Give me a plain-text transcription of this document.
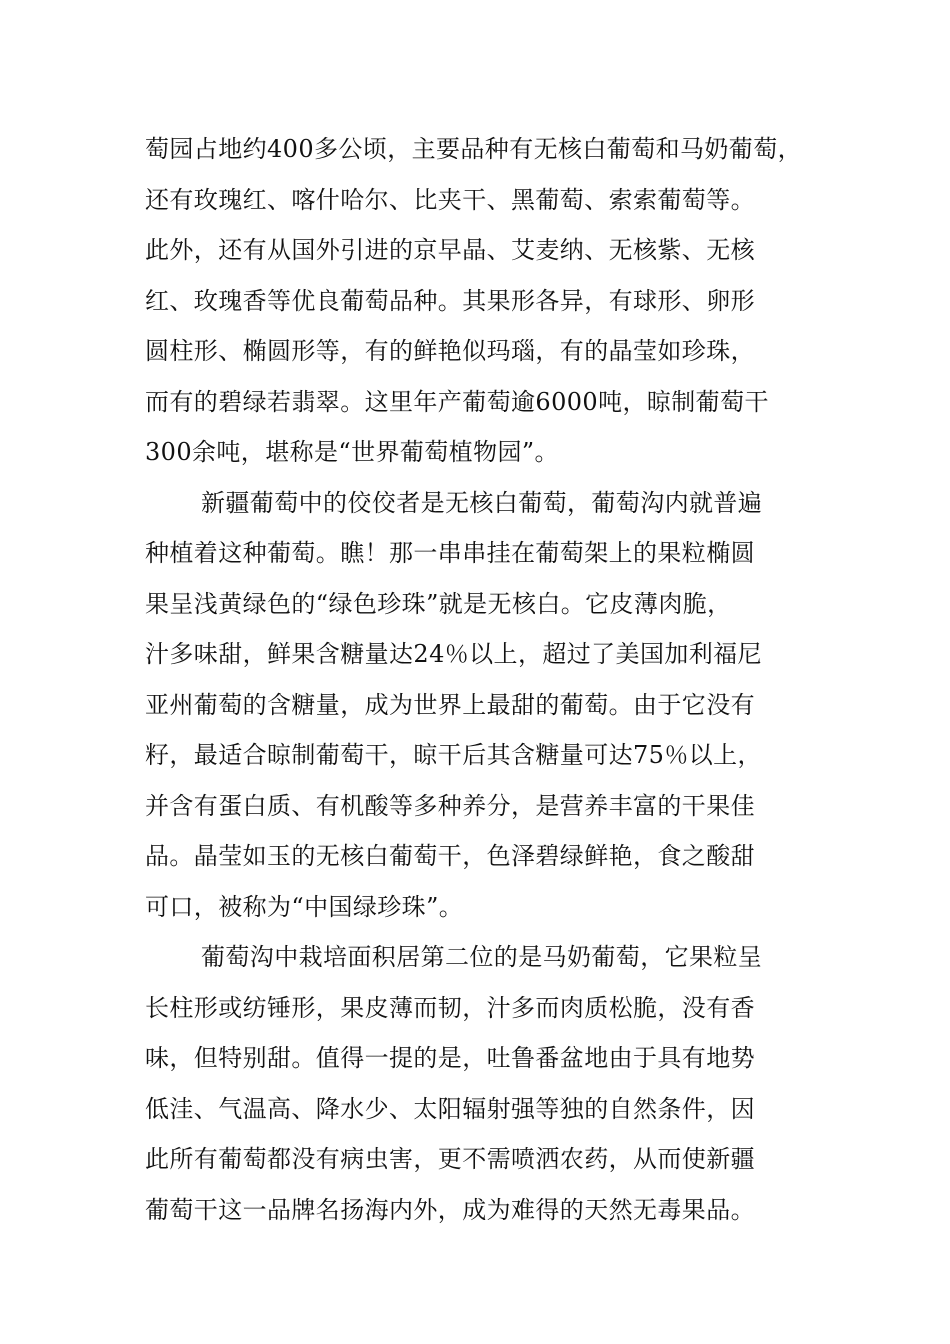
萄园占地约400多公顷，主要品种有无核白葡萄和马奶葡萄，
还有玫瑰红、喀什哈尔、比夹干、黑葡萄、索索葡萄等。
此外，还有从国外引进的京早晶、艾麦纳、无核紫、无核
红、玫瑰香等优良葡萄品种。其果形各异，有球形、卵形
圆柱形、椭圆形等，有的鲜艳似玛瑙，有的晶莹如珍珠，
而有的碧绿若翡翠。这里年产葡萄逾6000吨，晾制葡萄干
300余吨，堪称是“世界葡萄植物园”。
新疆葡萄中的佼佼者是无核白葡萄，葡萄沟内就普遍
种植着这种葡萄。瞧！那一串串挂在葡萄架上的果粒椭圆
果呈浅黄绿色的“绿色珍珠”就是无核白。它皮薄肉脆，
汁多味甜，鲜果含糖量达24％以上，超过了美国加利福尼
亚州葡萄的含糖量，成为世界上最甜的葡萄。由于它没有
籽，最适合晾制葡萄干，晾干后其含糖量可达75％以上，
并含有蛋白质、有机酸等多种养分，是营养丰富的干果佳
品。晶莹如玉的无核白葡萄干，色泽碧绿鲜艳，食之酸甜
可口，被称为“中国绿珍珠”。
葡萄沟中栽培面积居第二位的是马奶葡萄，它果粒呈
长柱形或纺锤形，果皮薄而韧，汁多而肉质松脆，没有香
味，但特别甜。值得一提的是，吐鲁番盆地由于具有地势
低洼、气温高、降水少、太阳辐射强等独的自然条件，因
此所有葡萄都没有病虫害，更不需喷洒农药，从而使新疆
葡萄干这一品牌名扬海内外，成为难得的天然无毒果品。
